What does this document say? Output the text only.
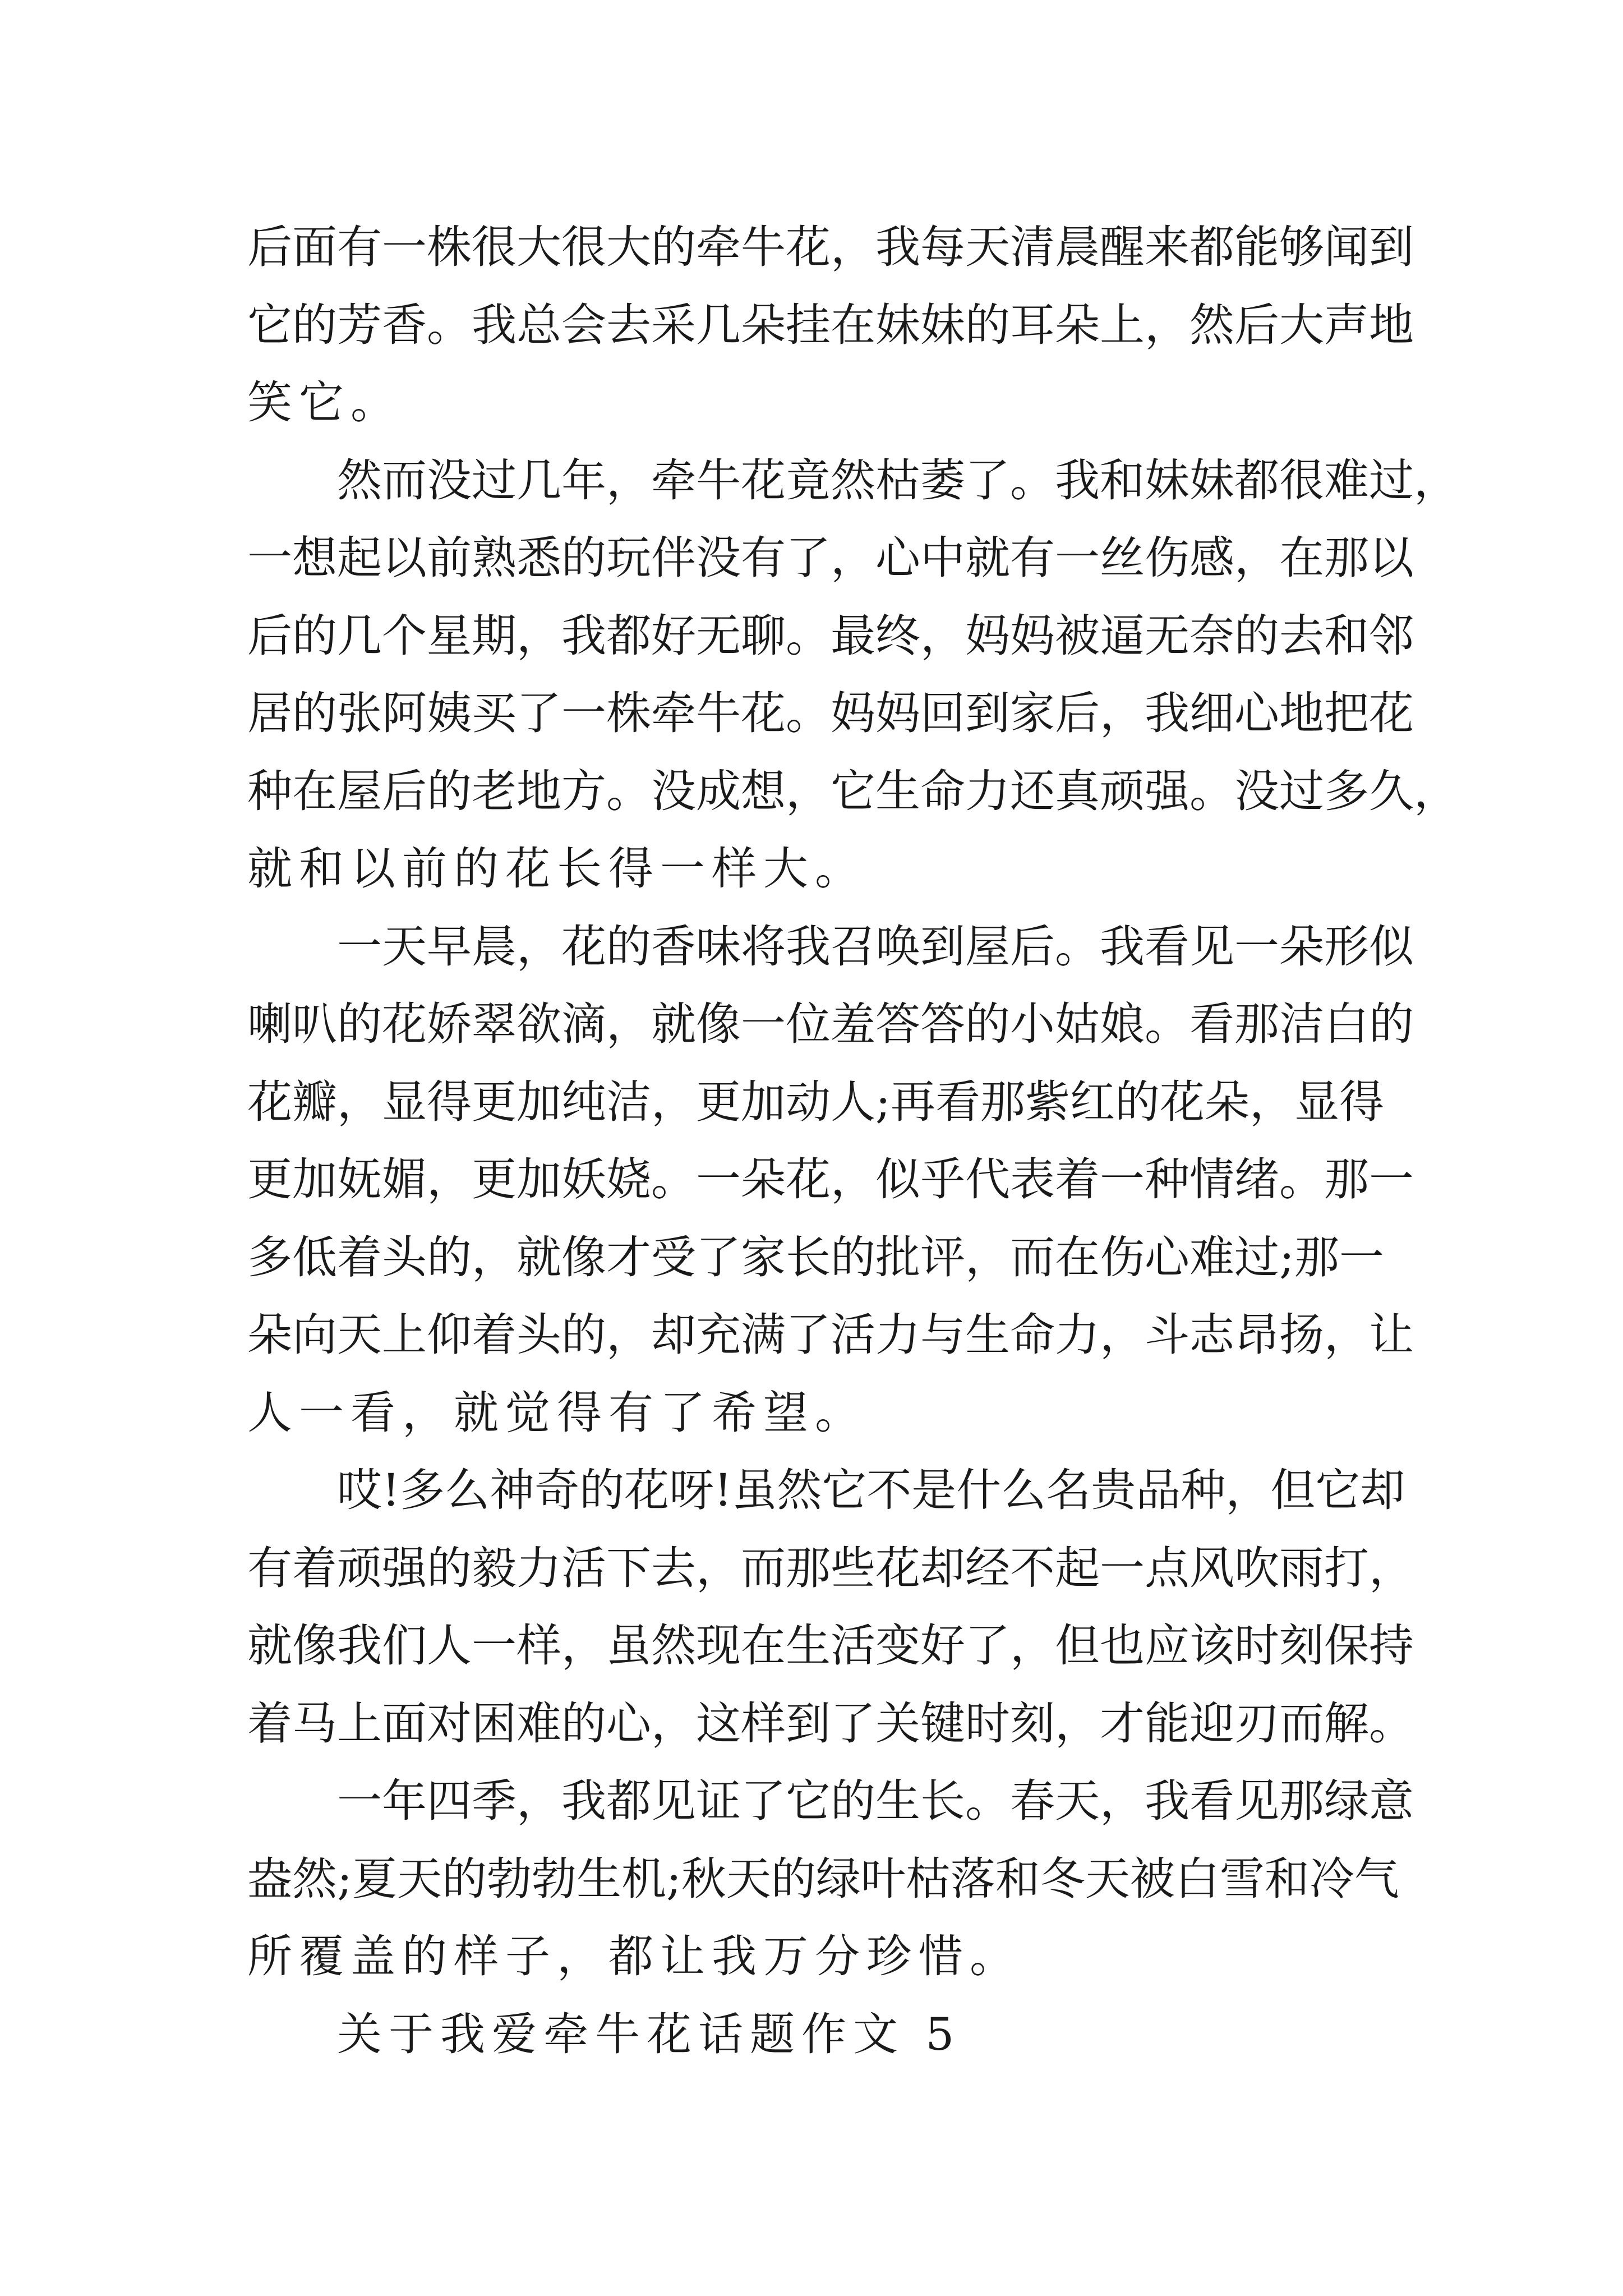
后 面 有 一 株 很 大 很 大 的 牵 牛 花 ， 我 每 天 清 晨 醒 来 都 能 够 闻 到
它 的 芳 香 。 我 总 会 去 采 几 朵 挂 在 妹 妹 的 耳 朵 上 ， 然 后 大 声 地
笑它。
然 而 没 过 几 年 ， 牵 牛 花 竟 然 枯 萎 了 。 我 和 妹 妹 都 很 难 过 ，
一 想 起 以 前 熟 悉 的 玩 伴 没 有 了 ， 心 中 就 有 一 丝 伤 感 ， 在 那 以
后 的 几 个 星 期 ， 我 都 好 无 聊 。 最 终 ， 妈 妈 被 逼 无 奈 的 去 和 邻
居 的 张 阿 姨 买 了 一 株 牵 牛 花 。 妈 妈 回 到 家 后 ， 我 细 心 地 把 花
种 在 屋 后 的 老 地 方 。 没 成 想 ， 它 生 命 力 还 真 顽 强 。 没 过 多 久 ，
就和以前的花长得一样大。
一 天 早 晨 ， 花 的 香 味 将 我 召 唤 到 屋 后 。 我 看 见 一 朵 形 似
喇 叭 的 花 娇 翠 欲 滴 ， 就 像 一 位 羞 答 答 的 小 姑 娘 。 看 那 洁 白 的
花 瓣 ， 显 得 更 加 纯 洁 ， 更 加 动 人 ; 再 看 那 紫 红 的 花 朵 ， 显 得
更 加 妩 媚 ， 更 加 妖 娆 。 一 朵 花 ， 似 乎 代 表 着 一 种 情 绪 。 那 一
多 低 着 头 的 ， 就 像 才 受 了 家 长 的 批 评 ， 而 在 伤 心 难 过 ; 那 一
朵 向 天 上 仰 着 头 的 ， 却 充 满 了 活 力 与 生 命 力 ， 斗 志 昂 扬 ， 让
人一看，就觉得有了希望。
哎 ! 多 么 神 奇 的 花 呀 ! 虽 然 它 不 是 什 么 名 贵 品 种 ， 但 它 却
有 着 顽 强 的 毅 力 活 下 去 ， 而 那 些 花 却 经 不 起 一 点 风 吹 雨 打 ，
就 像 我 们 人 一 样 ， 虽 然 现 在 生 活 变 好 了 ， 但 也 应 该 时 刻 保 持
着 马 上 面 对 困 难 的 心 ， 这 样 到 了 关 键 时 刻 ， 才 能 迎 刃 而 解 。
一 年 四 季 ， 我 都 见 证 了 它 的 生 长 。 春 天 ， 我 看 见 那 绿 意
盎 然 ; 夏 天 的 勃 勃 生 机 ; 秋 天 的 绿 叶 枯 落 和 冬 天 被 白 雪 和 冷 气
所覆盖的样子，都让我万分珍惜。
关于我爱牵牛花话题作文 5
